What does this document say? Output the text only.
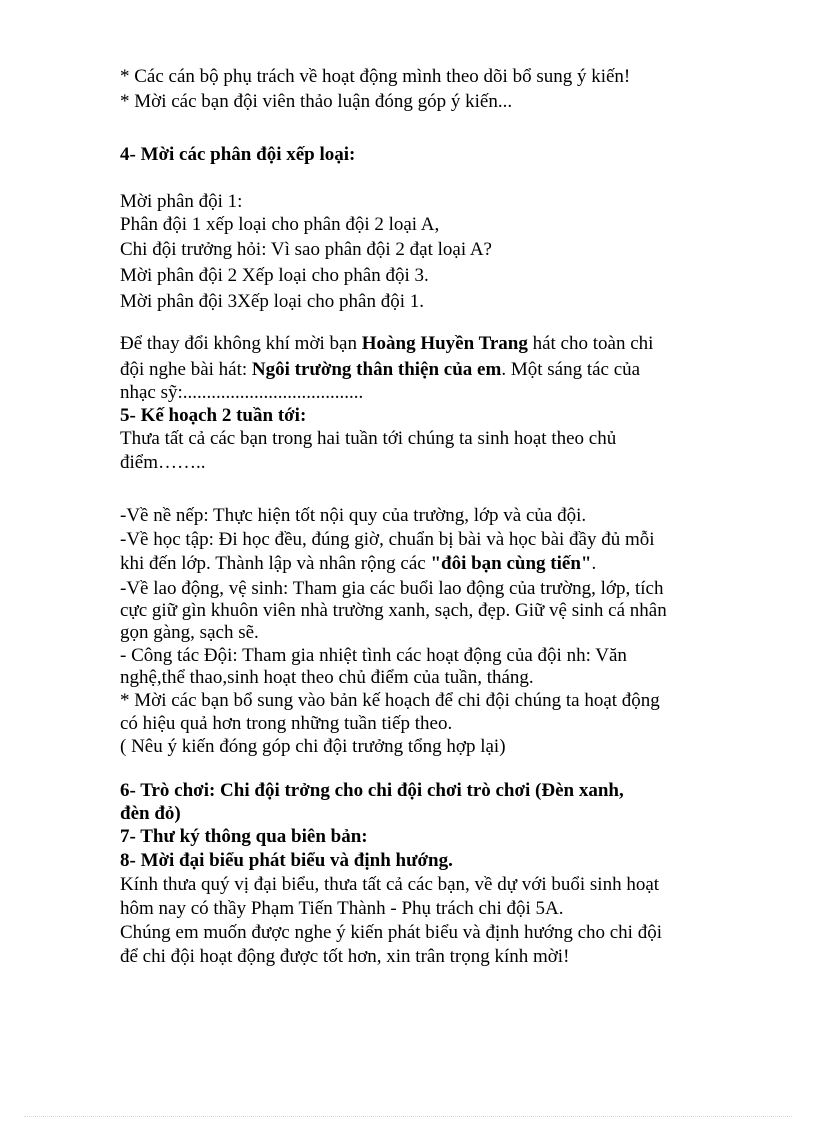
* Các cán bộ phụ trách về hoạt động mình theo dõi bổ sung ý kiến!
* Mời các bạn đội viên thảo luận đóng góp ý kiến...
4- Mời các phân đội xếp loại:
Mời phân đội 1:
Phân đội 1 xếp loại cho phân đội 2 loại A,
Chi đội trưởng hỏi: Vì sao phân đội 2 đạt loại A?
Mời phân đội 2 Xếp loại cho phân đội 3.
Mời phân đội 3Xếp loại cho phân đội 1.
Để thay đổi không khí mời bạn Hoàng Huyền Trang hát cho toàn chi
đội nghe bài hát: Ngôi trường thân thiện của em. Một sáng tác của
nhạc sỹ:......................................
5- Kế hoạch 2 tuần tới:
Thưa tất cả các bạn trong hai tuần tới chúng ta sinh hoạt theo chủ
điểm……..
-Về nề nếp: Thực hiện tốt nội quy của trường, lớp và của đội.
-Về học tập: Đi học đều, đúng giờ, chuẩn bị bài và học bài đầy đủ mỗi
khi đến lớp. Thành lập và nhân rộng các "đôi bạn cùng tiến".
-Về lao động, vệ sinh: Tham gia các buổi lao động của trường, lớp, tích
cực giữ gìn khuôn viên nhà trường xanh, sạch, đẹp. Giữ vệ sinh cá nhân
gọn gàng, sạch sẽ.
- Công tác Đội: Tham gia nhiệt tình các hoạt động của đội nh: Văn
nghệ,thể thao,sinh hoạt theo chủ điểm của tuần, tháng.
* Mời các bạn bổ sung vào bản kế hoạch để chi đội chúng ta hoạt động
có hiệu quả hơn trong những tuần tiếp theo.
( Nêu ý kiến đóng góp chi đội trưởng tổng hợp lại)
6- Trò chơi: Chi đội trởng cho chi đội chơi trò chơi (Đèn xanh,
đèn đỏ)
7- Thư ký thông qua biên bản:
8- Mời đại biểu phát biểu và định hướng.
Kính thưa quý vị đại biểu, thưa tất cả các bạn, về dự với buổi sinh hoạt
hôm nay có thầy Phạm Tiến Thành - Phụ trách chi đội 5A.
Chúng em muốn được nghe ý kiến phát biểu và định hướng cho chi đội
để chi đội hoạt động được tốt hơn, xin trân trọng kính mời!
